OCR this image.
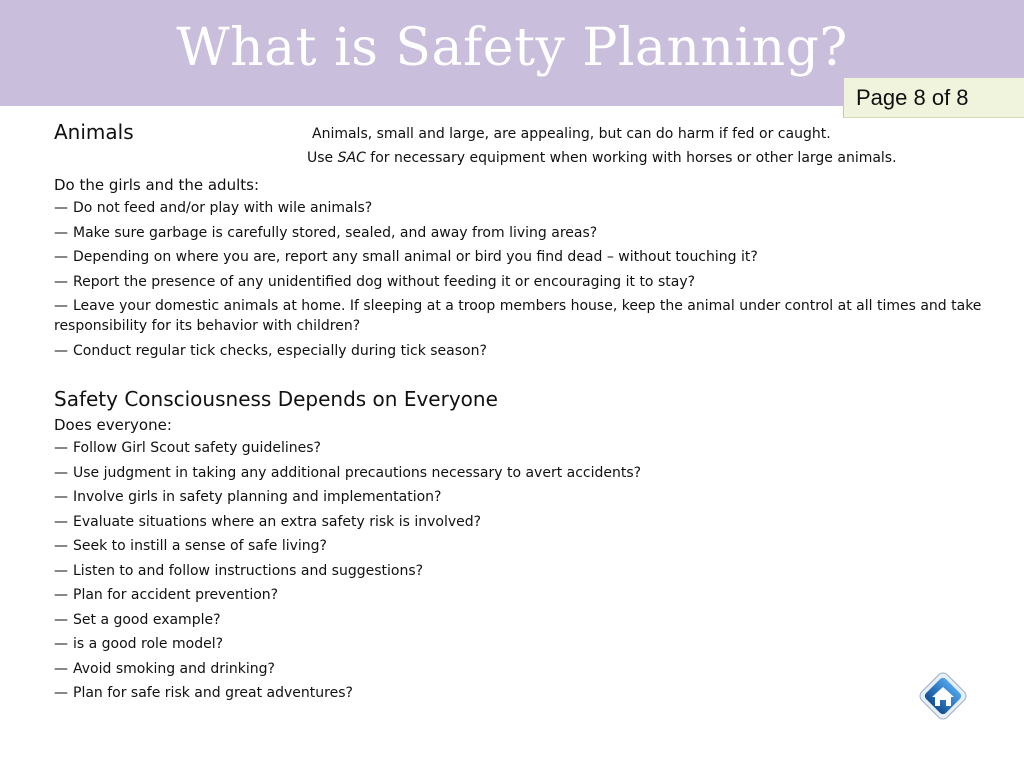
What is Safety Planning?
Page 8 of 8
Animals	Animals, small and large, are appealing, but can do harm if fed or caught.
Use SAC for necessary equipment when working with horses or other large animals.
Do the girls and the adults:
— Do not feed and/or play with wile animals?
— Make sure garbage is carefully stored, sealed, and away from living areas?
— Depending on where you are, report any small animal or bird you find dead – without touching it?
— Report the presence of any unidentified dog without feeding it or encouraging it to stay?
— Leave your domestic animals at home. If sleeping at a troop members house, keep the animal under control at all times and take responsibility for its behavior with children?
— Conduct regular tick checks, especially during tick season?
Safety Consciousness Depends on Everyone
Does everyone:
— Follow Girl Scout safety guidelines?
— Use judgment in taking any additional precautions necessary to avert accidents?
— Involve girls in safety planning and implementation?
— Evaluate situations where an extra safety risk is involved?
— Seek to instill a sense of safe living?
— Listen to and follow instructions and suggestions?
— Plan for accident prevention?
— Set a good example?
— is a good role model?
— Avoid smoking and drinking?
— Plan for safe risk and great adventures?
